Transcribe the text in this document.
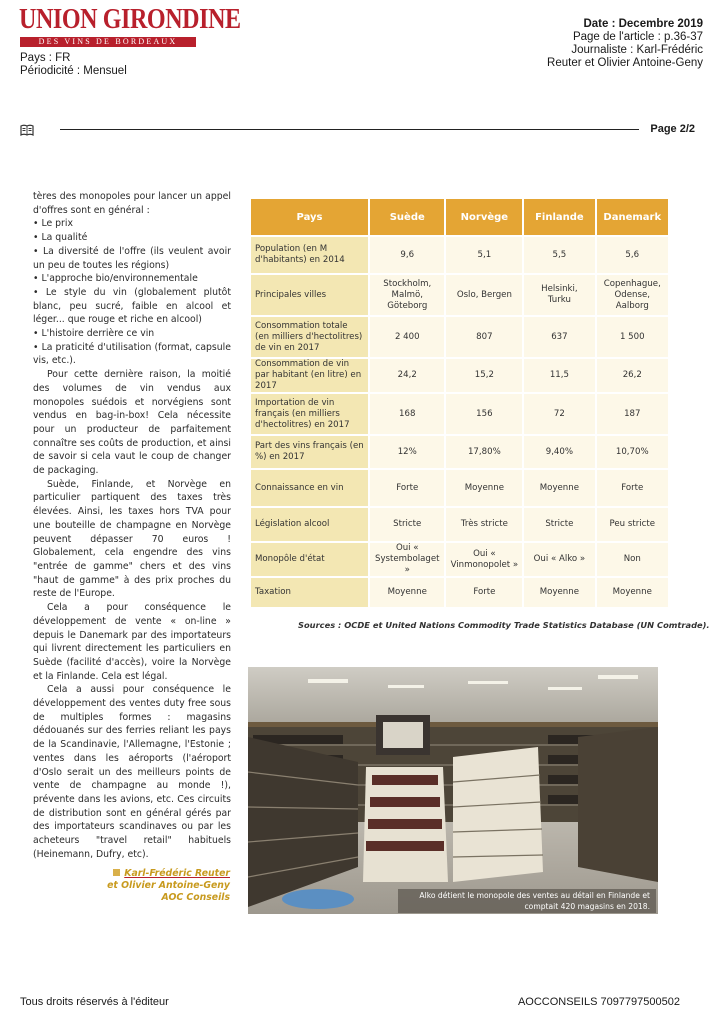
UNION GIRONDINE
DES VINS DE BORDEAUX
Pays : FR
Périodicité : Mensuel
Date : Decembre 2019
Page de l'article : p.36-37
Journaliste : Karl-Frédéric
Reuter et Olivier Antoine-Geny
Page 2/2

tères des monopoles pour lancer un appel d'offres sont en général :

• Le prix
• La qualité
• La diversité de l'offre (ils veulent avoir un peu de toutes les régions)
• L'approche bio/environnementale
• Le style du vin (globalement plutôt blanc, peu sucré, faible en alcool et léger... que rouge et riche en alcool)
• L'histoire derrière ce vin
• La praticité d'utilisation (format, capsule vis, etc.).

Pour cette dernière raison, la moitié des volumes de vin vendus aux monopoles suédois et norvégiens sont vendus en bag-in-box! Cela nécessite pour un producteur de parfaitement connaître ses coûts de production, et ainsi de savoir si cela vaut le coup de changer de packaging.

Suède, Finlande, et Norvège en particulier partiquent des taxes très élevées. Ainsi, les taxes hors TVA pour une bouteille de champagne en Norvège peuvent dépasser 70 euros ! Globalement, cela engendre des vins "entrée de gamme" chers et des vins "haut de gamme" à des prix proches du reste de l'Europe.

Cela a pour conséquence le développement de vente « on-line » depuis le Danemark par des importateurs qui livrent directement les particuliers en Suède (facilité d'accès), voire la Norvège et la Finlande. Cela est légal.

Cela a aussi pour conséquence le développement des ventes duty free sous de multiples formes : magasins dédouanés sur des ferries reliant les pays de la Scandinavie, l'Allemagne, l'Estonie ; ventes dans les aéroports (l'aéroport d'Oslo serait un des meilleurs points de vente de champagne au monde !), prévente dans les avions, etc. Ces circuits de distribution sont en général gérés par des importateurs scandinaves ou par les acheteurs "travel retail" habituels (Heinemann, Dufry, etc).

Karl-Frédéric Reuter
et Olivier Antoine-Geny
AOC Conseils
Pays	Suède	Norvège	Finlande	Danemark
Population (en M d'habitants) en 2014	9,6	5,1	5,5	5,6
Principales villes	Stockholm, Malmö, Göteborg	Oslo, Bergen	Helsinki, Turku	Copenhague, Odense, Aalborg
Consommation totale (en milliers d'hectolitres) de vin en 2017	2 400	807	637	1 500
Consommation de vin par habitant (en litre) en 2017	24,2	15,2	11,5	26,2
Importation de vin français (en milliers d'hectolitres) en 2017	168	156	72	187
Part des vins français (en %) en 2017	12%	17,80%	9,40%	10,70%
Connaissance en vin	Forte	Moyenne	Moyenne	Forte
Législation alcool	Stricte	Très stricte	Stricte	Peu stricte
Monopôle d'état	Oui « Systembolaget »	Oui « Vinmonopolet »	Oui « Alko »	Non
Taxation	Moyenne	Forte	Moyenne	Moyenne
Sources : OCDE et United Nations Commodity Trade Statistics Database (UN Comtrade).
Alko détient le monopole des ventes au détail en Finlande et comptait 420 magasins en 2018.
Tous droits réservés à l'éditeur	AOCCONSEILS 7097797500502
